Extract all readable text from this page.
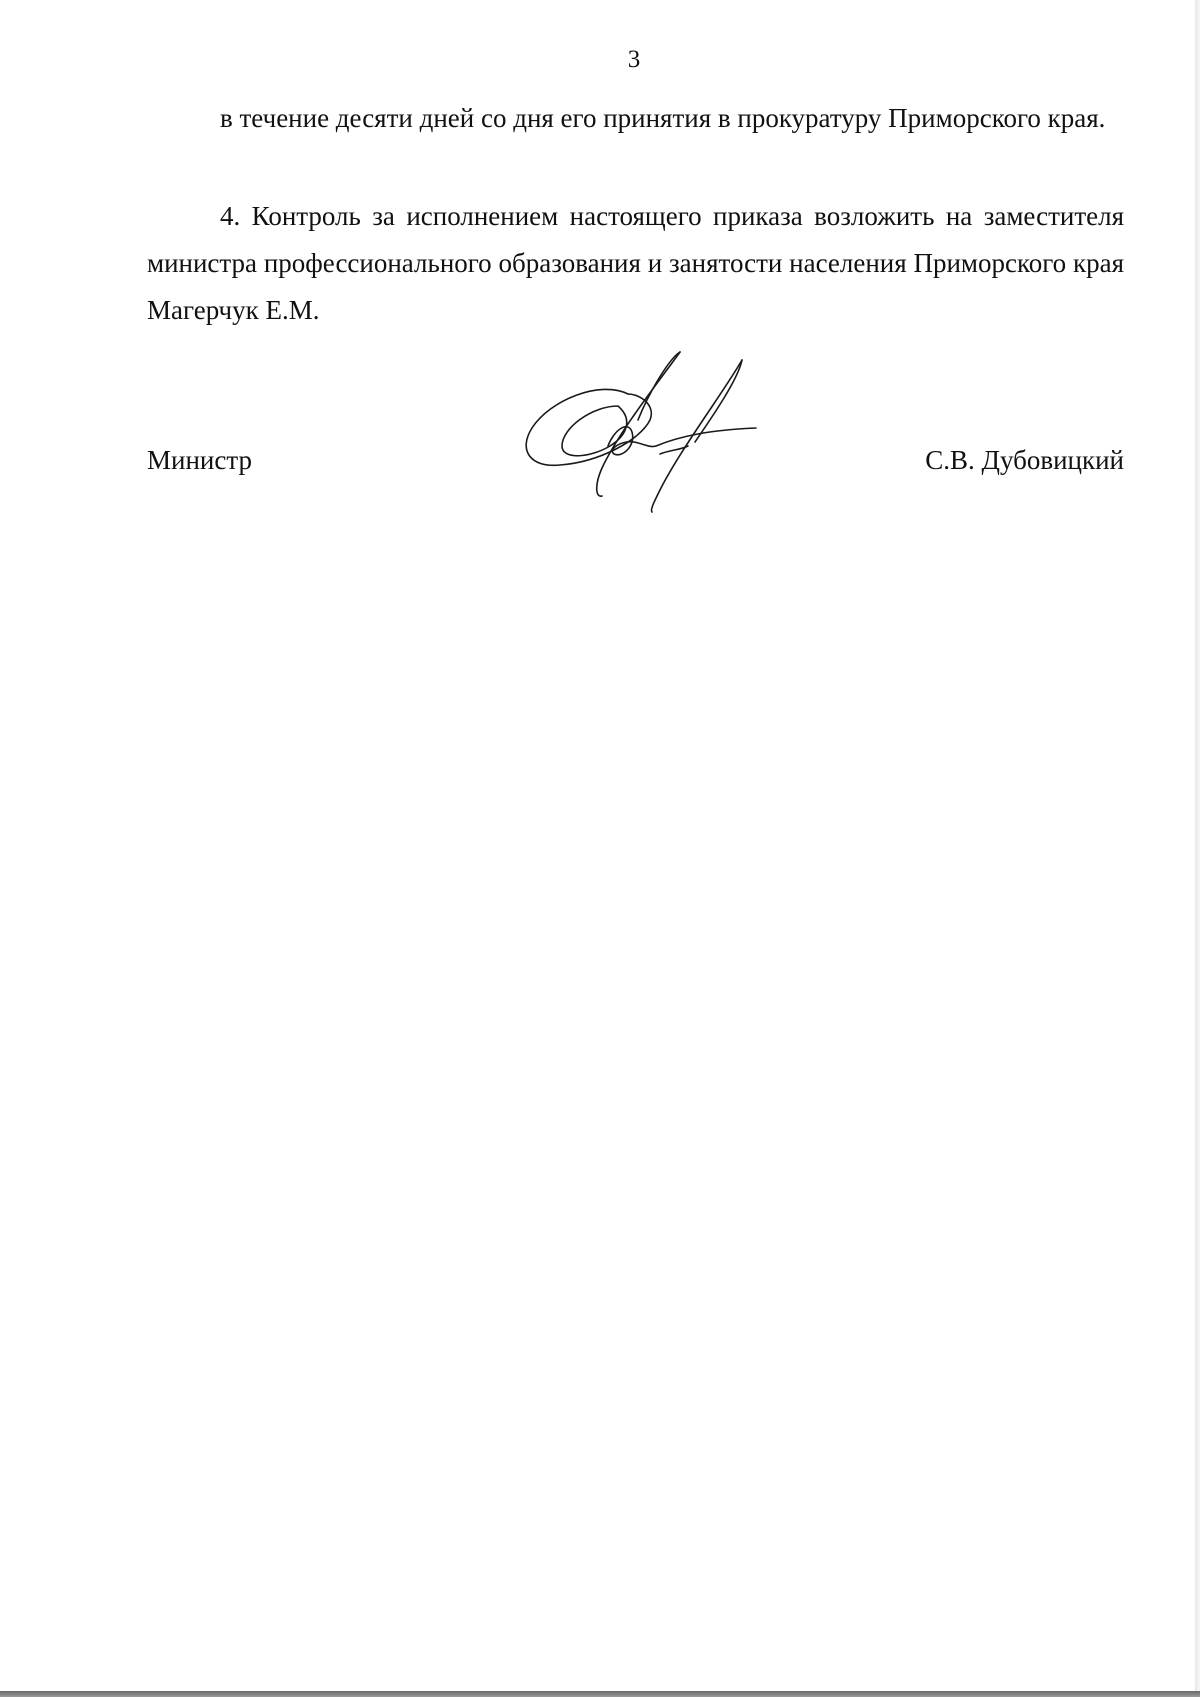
3
в течение десяти дней со дня его принятия в прокуратуру Приморского края.
4. Контроль за исполнением настоящего приказа возложить на заместителя министра профессионального образования и занятости населения Приморского края Магерчук Е.М.
Министр	С.В. Дубовицкий
